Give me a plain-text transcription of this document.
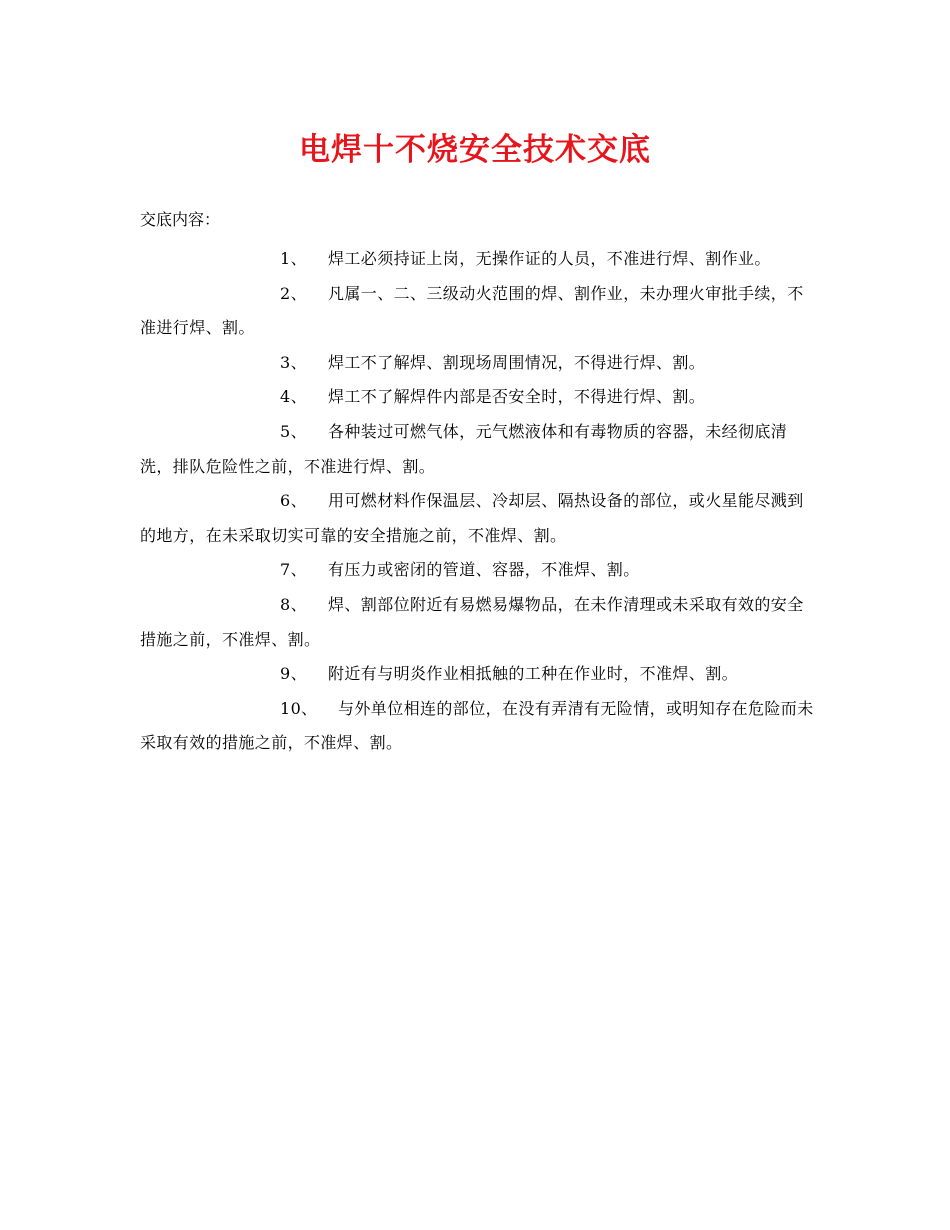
电焊十不烧安全技术交底

交底内容：

1、 焊工必须持证上岗，无操作证的人员，不准进行焊、割作业。
2、 凡属一、二、三级动火范围的焊、割作业，未办理火审批手续，不准进行焊、割。
3、 焊工不了解焊、割现场周围情况，不得进行焊、割。
4、 焊工不了解焊件内部是否安全时，不得进行焊、割。
5、 各种装过可燃气体，元气燃液体和有毒物质的容器，未经彻底清洗，排队危险性之前，不准进行焊、割。
6、 用可燃材料作保温层、冷却层、隔热设备的部位，或火星能尽溅到的地方，在未采取切实可靠的安全措施之前，不准焊、割。
7、 有压力或密闭的管道、容器，不准焊、割。
8、 焊、割部位附近有易燃易爆物品，在未作清理或未采取有效的安全措施之前，不准焊、割。
9、 附近有与明炎作业相抵触的工种在作业时，不准焊、割。
10、 与外单位相连的部位，在没有弄清有无险情，或明知存在危险而未采取有效的措施之前，不准焊、割。
